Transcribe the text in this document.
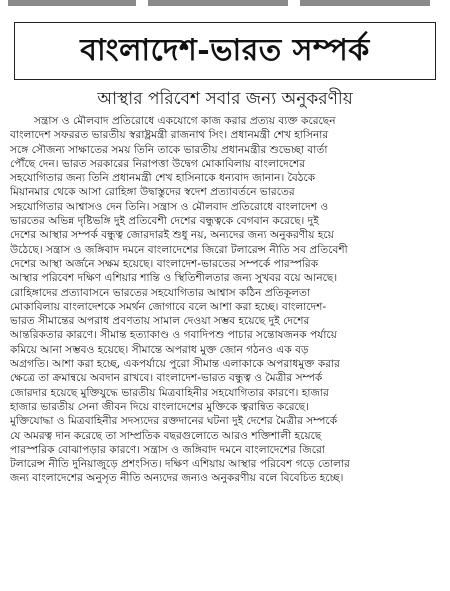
বাংলাদেশ-ভারত সম্পর্ক
আস্থার পরিবেশ সবার জন্য অনুকরণীয়
সন্ত্রাস ও মৌলবাদ প্রতিরোধে একযোগে কাজ করার প্রত্যয় ব্যক্ত করেছেন
বাংলাদেশ সফররত ভারতীয় স্বরাষ্ট্রমন্ত্রী রাজনাথ সিং। প্রধানমন্ত্রী শেখ হাসিনার
সঙ্গে সৌজন্য সাক্ষাতের সময় তিনি তাকে ভারতীয় প্রধানমন্ত্রীর শুভেচ্ছা বার্তা
পৌঁছে দেন। ভারত সরকারের নিরাপত্তা উদ্বেগ মোকাবিলায় বাংলাদেশের
সহযোগিতার জন্য তিনি প্রধানমন্ত্রী শেখ হাসিনাকে ধন্যবাদ জানান। বৈঠকে
মিয়ানমার থেকে আসা রোহিঙ্গা উদ্বাস্তুদের স্বদেশ প্রত্যাবর্তনে ভারতের
সহযোগিতার আশ্বাসও দেন তিনি। সন্ত্রাস ও মৌলবাদ প্রতিরোধে বাংলাদেশ ও
ভারতের অভিন্ন দৃষ্টিভঙ্গি দুই প্রতিবেশী দেশের বন্ধুত্বকে বেগবান করেছে। দুই
দেশের আস্থার সম্পর্ক বন্ধুত্ব জোরদারই শুধু নয়, অন্যদের জন্য অনুকরণীয় হয়ে
উঠেছে। সন্ত্রাস ও জঙ্গিবাদ দমনে বাংলাদেশের জিরো টলারেন্স নীতি সব প্রতিবেশী
দেশের আস্থা অর্জনে সক্ষম হয়েছে। বাংলাদেশ-ভারতের সম্পর্কে পারস্পরিক
আস্থার পরিবেশ দক্ষিণ এশিয়ার শান্তি ও স্থিতিশীলতার জন্য সুখবর বয়ে আনছে।
রোহিঙ্গাদের প্রত্যাবাসনে ভারতের সহযোগিতার আশ্বাস কঠিন প্রতিকূলতা
মোকাবিলায় বাংলাদেশকে সমর্থন জোগাবে বলে আশা করা হচ্ছে। বাংলাদেশ-
ভারত সীমান্তের অপরাধ প্রবণতায় সামাল দেওয়া সম্ভব হয়েছে দুই দেশের
আন্তরিকতার কারণে। সীমান্ত হত্যাকাণ্ড ও গবাদিপশু পাচার সন্তোষজনক পর্যায়ে
কমিয়ে আনা সম্ভবও হয়েছে। সীমান্তে অপরাধ মুক্ত জোন গঠনও এক বড়
অগ্রগতি। আশা করা হচ্ছে, একপর্যায়ে পুরো সীমান্ত এলাকাকে অপরাধমুক্ত করার
ক্ষেত্রে তা ক্রমান্বয়ে অবদান রাখবে। বাংলাদেশ-ভারত বন্ধুত্ব ও মৈত্রীর সম্পর্ক
জোরদার হয়েছে মুক্তিযুদ্ধে ভারতীয় মিত্রবাহিনীর সহযোগিতার কারণে। হাজার
হাজার ভারতীয় সেনা জীবন দিয়ে বাংলাদেশের মুক্তিকে ত্বরান্বিত করেছে।
মুক্তিযোদ্ধা ও মিত্রবাহিনীর সদস্যদের রক্তদানের ঘটনা দুই দেশের মৈত্রীর সম্পর্কে
যে অমরত্ব দান করেছে তা সাম্প্রতিক বছরগুলোতে আরও শক্তিশালী হয়েছে
পারস্পরিক বোঝাপড়ার কারণে। সন্ত্রাস ও জঙ্গিবাদ দমনে বাংলাদেশের জিরো
টলারেন্স নীতি দুনিয়াজুড়ে প্রশংসিত। দক্ষিণ এশিয়ায় আস্থার পরিবেশ গড়ে তোলার
জন্য বাংলাদেশের অনুসৃত নীতি অন্যদের জন্যও অনুকরণীয় বলে বিবেচিত হচ্ছে।
